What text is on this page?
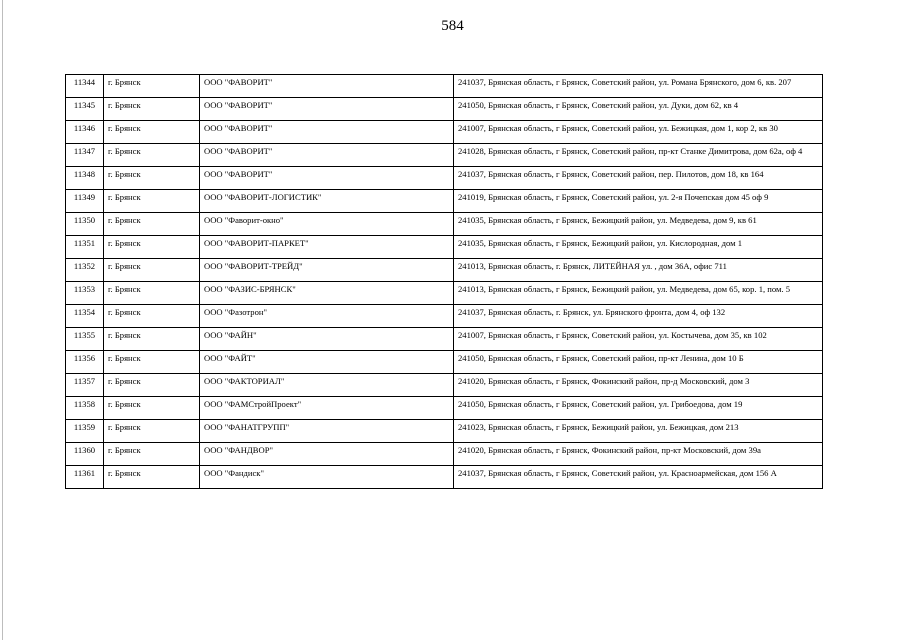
584
11344	г. Брянск	ООО "ФАВОРИТ"	241037, Брянская область, г Брянск, Советский район, ул. Романа Брянского, дом 6, кв. 207
11345	г. Брянск	ООО "ФАВОРИТ"	241050, Брянская область, г Брянск, Советский район, ул. Дуки, дом 62, кв 4
11346	г. Брянск	ООО "ФАВОРИТ"	241007, Брянская область, г Брянск, Советский район, ул. Бежицкая, дом 1, кор 2, кв 30
11347	г. Брянск	ООО "ФАВОРИТ"	241028, Брянская область, г Брянск, Советский район, пр-кт Станке Димитрова, дом 62а, оф 4
11348	г. Брянск	ООО "ФАВОРИТ"	241037, Брянская область, г Брянск, Советский район, пер. Пилотов, дом 18, кв 164
11349	г. Брянск	ООО "ФАВОРИТ-ЛОГИСТИК"	241019, Брянская область, г Брянск, Советский район, ул. 2-я Почепская дом 45 оф 9
11350	г. Брянск	ООО "Фаворит-окно"	241035, Брянская область, г Брянск, Бежицкий район, ул. Медведева, дом 9, кв 61
11351	г. Брянск	ООО "ФАВОРИТ-ПАРКЕТ"	241035, Брянская область, г Брянск, Бежицкий район, ул. Кислородная, дом 1
11352	г. Брянск	ООО "ФАВОРИТ-ТРЕЙД"	241013, Брянская область, г. Брянск, ЛИТЕЙНАЯ ул. , дом 36А, офис 711
11353	г. Брянск	ООО "ФАЗИС-БРЯНСК"	241013, Брянская область, г Брянск, Бежицкий район, ул. Медведева, дом 65, кор. 1, пом. 5
11354	г. Брянск	ООО "Фазотрон"	241037, Брянская область, г. Брянск, ул. Брянского фронта, дом 4, оф 132
11355	г. Брянск	ООО "ФАЙН"	241007, Брянская область, г Брянск, Советский район, ул. Костычева, дом 35, кв 102
11356	г. Брянск	ООО "ФАЙТ"	241050, Брянская область, г Брянск, Советский район, пр-кт Ленина, дом 10 Б
11357	г. Брянск	ООО "ФАКТОРИАЛ"	241020, Брянская область, г Брянск, Фокинский район, пр-д Московский, дом 3
11358	г. Брянск	ООО "ФАМСтройПроект"	241050, Брянская область, г Брянск, Советский район, ул. Грибоедова, дом 19
11359	г. Брянск	ООО "ФАНАТГРУПП"	241023, Брянская область, г Брянск, Бежицкий район, ул. Бежицкая, дом 213
11360	г. Брянск	ООО "ФАНДВОР"	241020, Брянская область, г Брянск, Фокинский район, пр-кт Московский, дом 39а
11361	г. Брянск	ООО "Фандиск"	241037, Брянская область, г Брянск, Советский район, ул. Красноармейская, дом 156 А
